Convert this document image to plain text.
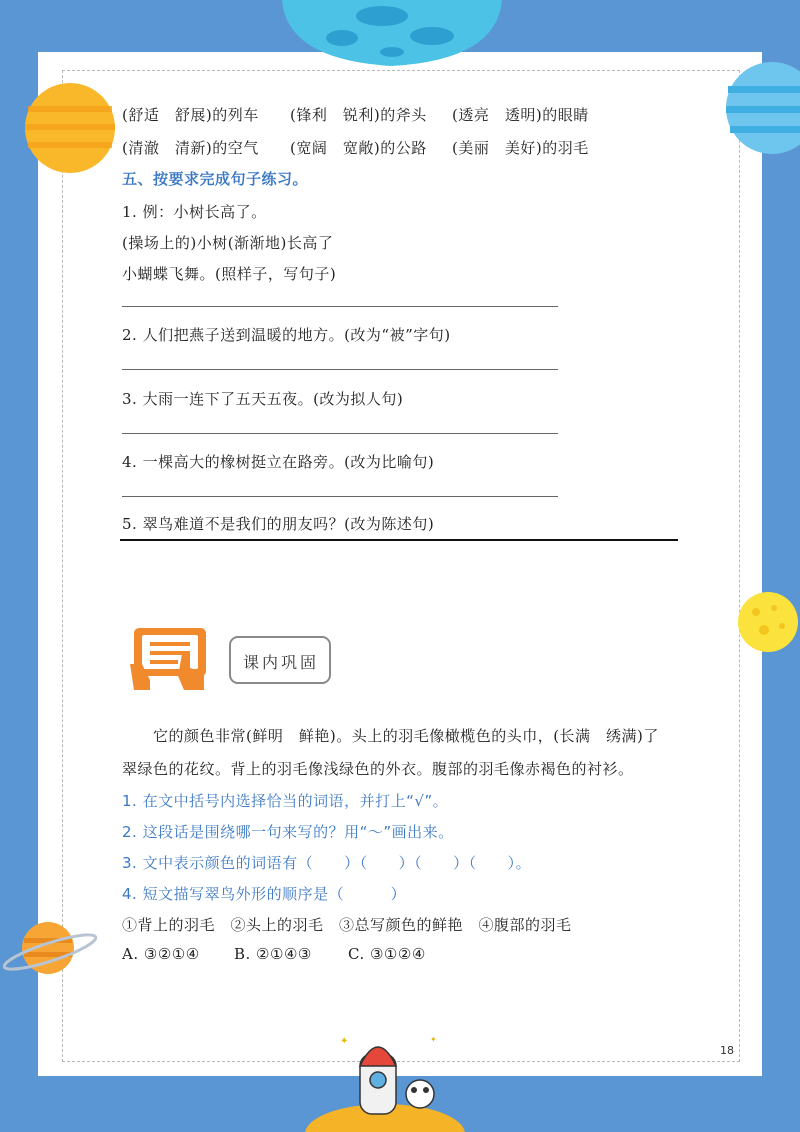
✦	✦
(舒适　舒展)的列车 (锋利　锐利)的斧头 (透亮　透明)的眼睛
(清澈　清新)的空气 (宽阔　宽敞)的公路 (美丽　美好)的羽毛
五、按要求完成句子练习。
1. 例：小树长高了。
(操场上的)小树(渐渐地)长高了
小蝴蝶飞舞。(照样子，写句子)
2. 人们把燕子送到温暖的地方。(改为“被”字句)
3. 大雨一连下了五天五夜。(改为拟人句)
4. 一棵高大的橡树挺立在路旁。(改为比喻句)
5. 翠鸟难道不是我们的朋友吗？(改为陈述句)
课内巩固
　　它的颜色非常(鲜明　鲜艳)。头上的羽毛像橄榄色的头巾，(长满　绣满)了
翠绿色的花纹。背上的羽毛像浅绿色的外衣。腹部的羽毛像赤褐色的衬衫。
1. 在文中括号内选择恰当的词语，并打上“√”。
2. 这段话是围绕哪一句来写的？用“～”画出来。
3. 文中表示颜色的词语有（　　）（　　）（　　）（　　）。
4. 短文描写翠鸟外形的顺序是（　　　）
①背上的羽毛　②头上的羽毛　③总写颜色的鲜艳　④腹部的羽毛
A. ③②①④ B. ②①④③ C. ③①②④
18
